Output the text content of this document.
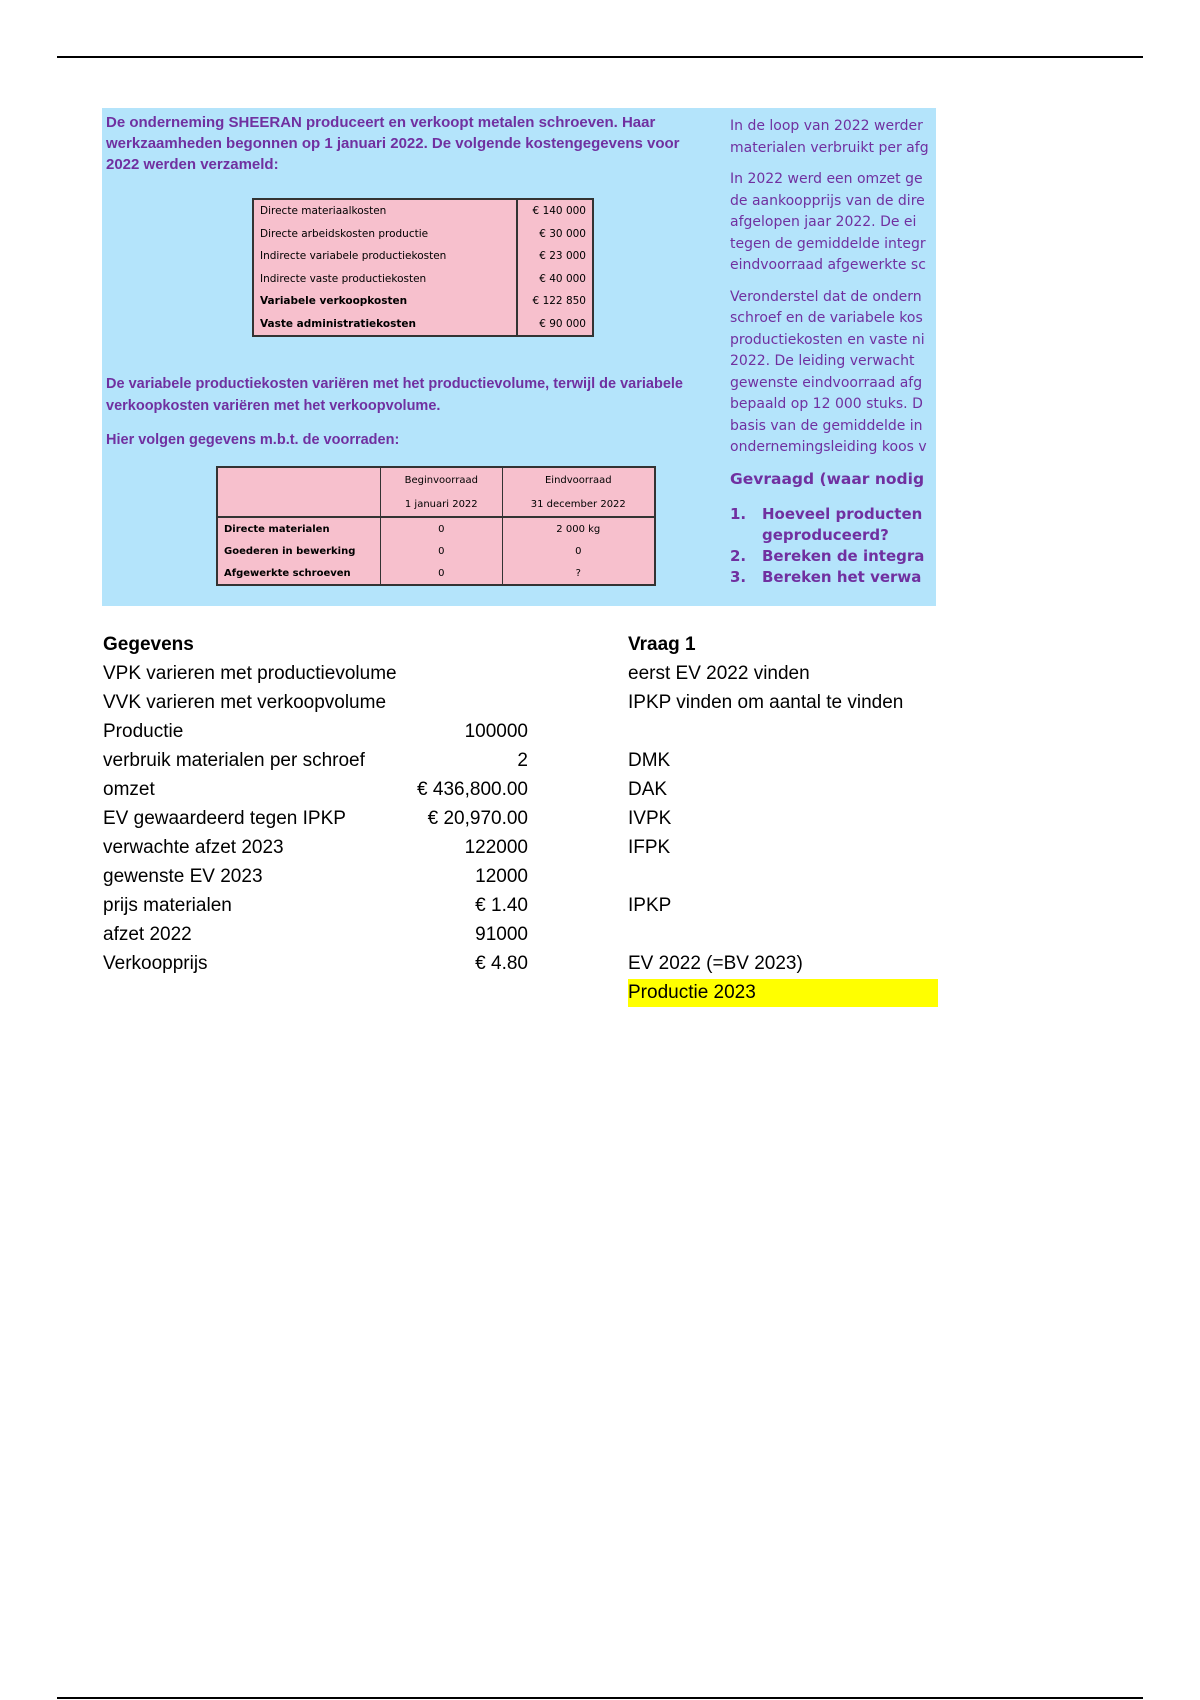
De onderneming SHEERAN produceert en verkoopt metalen schroeven. Haar werkzaamheden begonnen op 1 januari 2022. De volgende kostengegevens voor 2022 werden verzameld:

Directe materiaalkosten	€ 140 000
Directe arbeidskosten productie	€ 30 000
Indirecte variabele productiekosten	€ 23 000
Indirecte vaste productiekosten	€ 40 000
Variabele verkoopkosten	€ 122 850
Vaste administratiekosten	€ 90 000

De variabele productiekosten variëren met het productievolume, terwijl de variabele verkoopkosten variëren met het verkoopvolume.

Hier volgen gegevens m.b.t. de voorraden:

	Beginvoorraad	Eindvoorraad
	1 januari 2022	31 december 2022
Directe materialen	0	2 000 kg
Goederen in bewerking	0	0
Afgewerkte schroeven	0	?

In de loop van 2022 werder
materialen verbruikt per afg

In 2022 werd een omzet ge
de aankoopprijs van de dire
afgelopen jaar 2022. De ei
tegen de gemiddelde integr
eindvoorraad afgewerkte sc

Veronderstel dat de ondern
schroef en de variabele kos
productiekosten en vaste ni
2022. De leiding verwacht
gewenste eindvoorraad afg
bepaald op 12 000 stuks. D
basis van de gemiddelde in
ondernemingsleiding koos v

Gevraagd (waar nodig
1. Hoeveel producten
geproduceerd?
2. Bereken de integra
3. Bereken het verwa
Gegevens
VPK varieren met productievolume
VVK varieren met verkoopvolume
Productie	100000
verbruik materialen per schroef	2
omzet	€ 436,800.00
EV gewaardeerd tegen IPKP	€ 20,970.00
verwachte afzet 2023	122000
gewenste EV 2023	12000
prijs materialen	€ 1.40
afzet 2022	91000
Verkoopprijs	€ 4.80
Vraag 1
eerst EV 2022 vinden
IPKP vinden om aantal te vinden
DMK
DAK
IVPK
IFPK
IPKP
EV 2022 (=BV 2023)
Productie 2023
